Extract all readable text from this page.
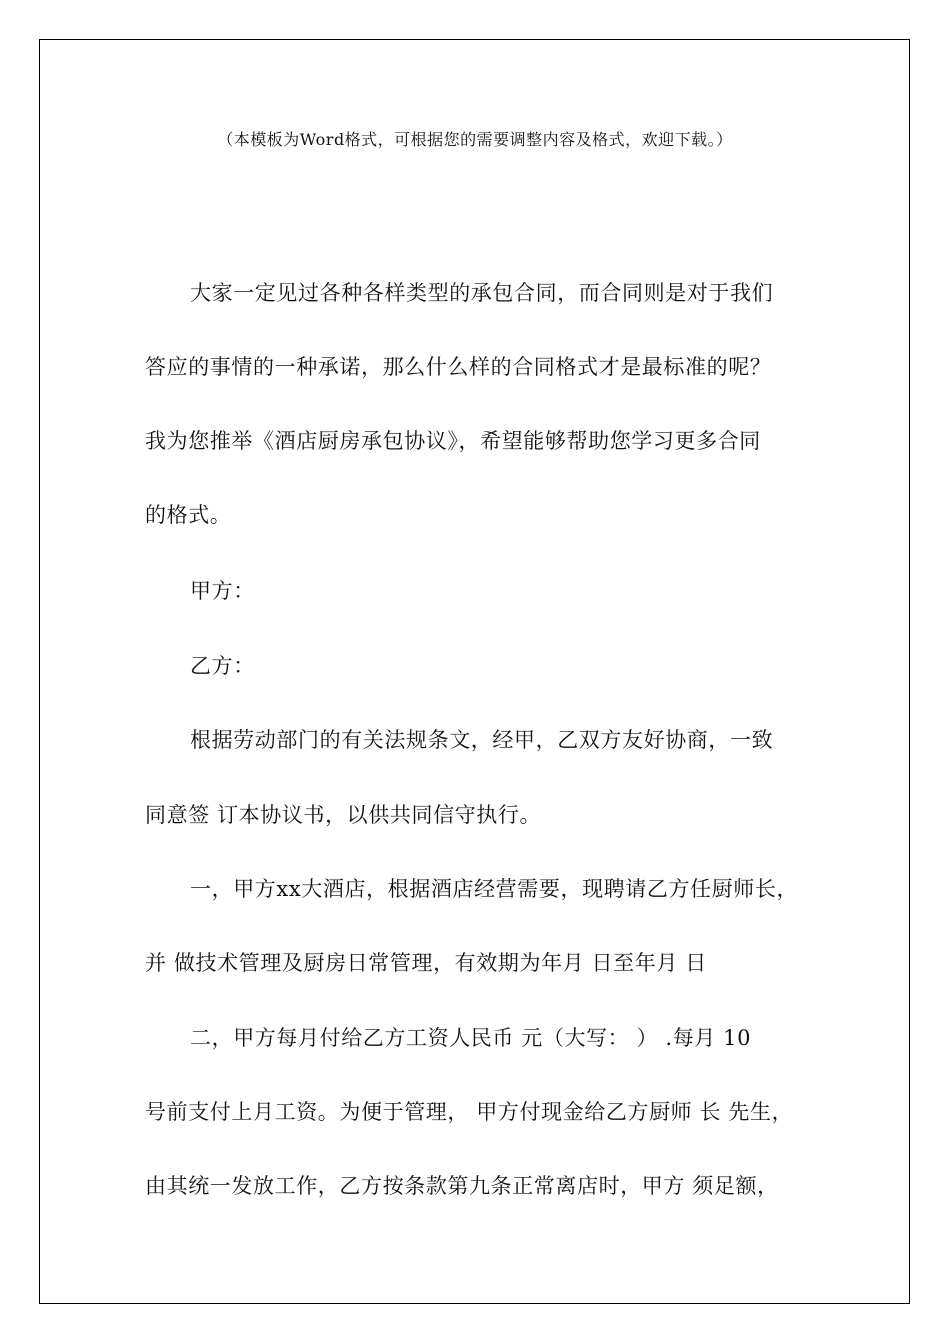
（本模板为Word格式，可根据您的需要调整内容及格式，欢迎下载。）
大家一定见过各种各样类型的承包合同，而合同则是对于我们
答应的事情的一种承诺，那么什么样的合同格式才是最标准的呢？
我为您推举《酒店厨房承包协议》，希望能够帮助您学习更多合同
的格式。
甲方：
乙方：
根据劳动部门的有关法规条文，经甲，乙双方友好协商，一致
同意签 订本协议书，以供共同信守执行。
一，甲方xx大酒店，根据酒店经营需要，现聘请乙方任厨师长，
并 做技术管理及厨房日常管理，有效期为年月 日至年月 日
二，甲方每月付给乙方工资人民币 元（大写： ） .每月 10
号前支付上月工资。为便于管理， 甲方付现金给乙方厨师 长 先生，
由其统一发放工作，乙方按条款第九条正常离店时，甲方 须足额，
